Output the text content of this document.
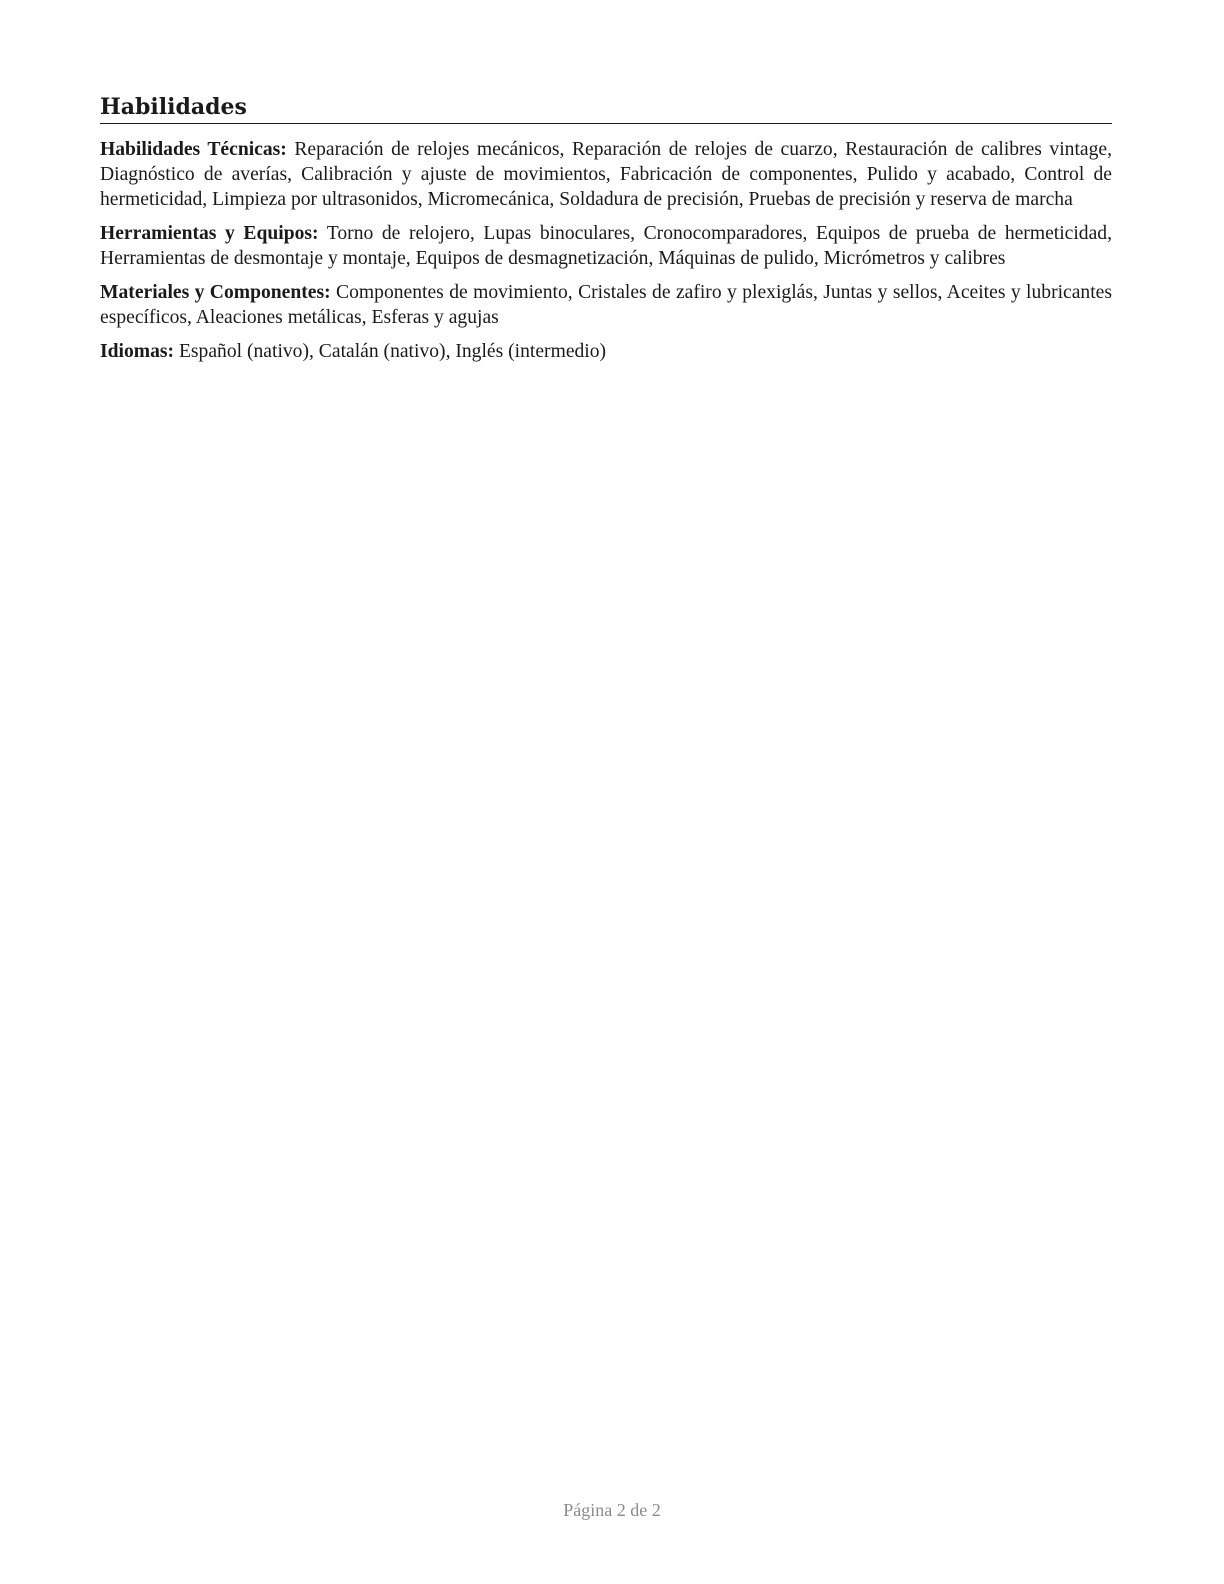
Habilidades

Habilidades Técnicas: Reparación de relojes mecánicos, Reparación de relojes de cuarzo, Restauración de calibres vintage, Diagnóstico de averías, Calibración y ajuste de movimientos, Fabricación de componentes, Pulido y acabado, Control de hermeticidad, Limpieza por ultrasonidos, Micromecánica, Soldadura de precisión, Pruebas de precisión y reserva de marcha

Herramientas y Equipos: Torno de relojero, Lupas binoculares, Cronocomparadores, Equipos de prueba de hermeticidad, Herramientas de desmontaje y montaje, Equipos de desmagnetización, Máquinas de pulido, Micrómetros y calibres

Materiales y Componentes: Componentes de movimiento, Cristales de zafiro y plexiglás, Juntas y sellos, Aceites y lubricantes específicos, Aleaciones metálicas, Esferas y agujas

Idiomas: Español (nativo), Catalán (nativo), Inglés (intermedio)

Página 2 de 2
